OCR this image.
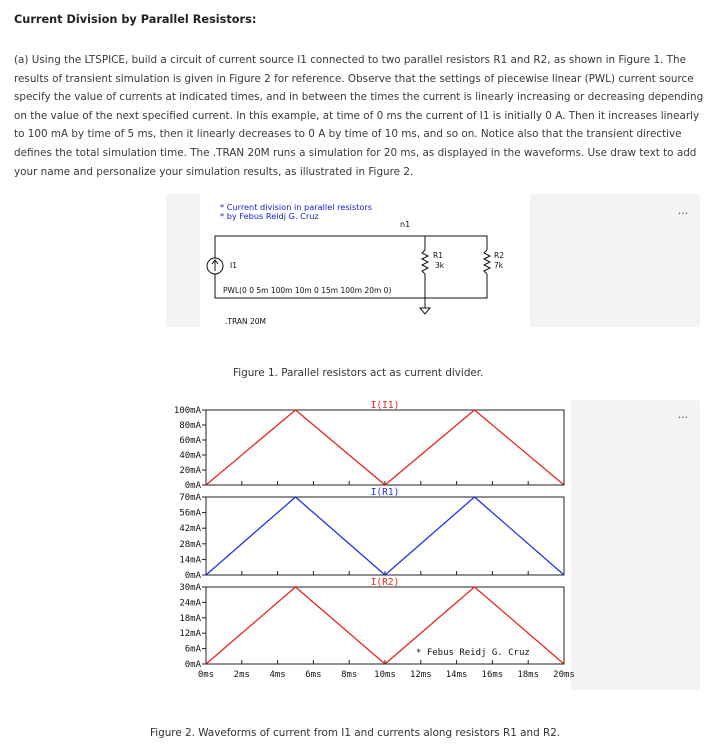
Current Division by Parallel Resistors:
(a) Using the LTSPICE, build a circuit of current source I1 connected to two parallel resistors R1 and R2, as shown in Figure 1. The results of transient simulation is given in Figure 2 for reference. Observe that the settings of piecewise linear (PWL) current source specify the value of currents at indicated times, and in between the times the current is linearly increasing or decreasing depending on the value of the next specified current. In this example, at time of 0 ms the current of I1 is initially 0 A. Then it increases linearly to 100 mA by time of 5 ms, then it linearly decreases to 0 A by time of 10 ms, and so on. Notice also that the transient directive defines the total simulation time. The .TRAN 20M runs a simulation for 20 ms, as displayed in the waveforms. Use draw text to add your name and personalize your simulation results, as illustrated in Figure 2.
* Current division in parallel resistors
* by Febus Reidj G. Cruz
n1
I1
PWL(0 0 5m 100m 10m 0 15m 100m 20m 0)
R1
3k
R2
7k
.TRAN 20M
...
Figure 1. Parallel resistors act as current divider.
...
100mA
80mA
60mA
40mA
20mA
0mA
I(I1)
70mA
56mA
42mA
28mA
14mA
0mA
I(R1)
30mA
24mA
18mA
12mA
6mA
0mA
I(R2)
0ms 2ms 4ms 6ms 8ms 10ms 12ms 14ms 16ms 18ms 20ms
* Febus Reidj G. Cruz
Figure 2. Waveforms of current from I1 and currents along resistors R1 and R2.
